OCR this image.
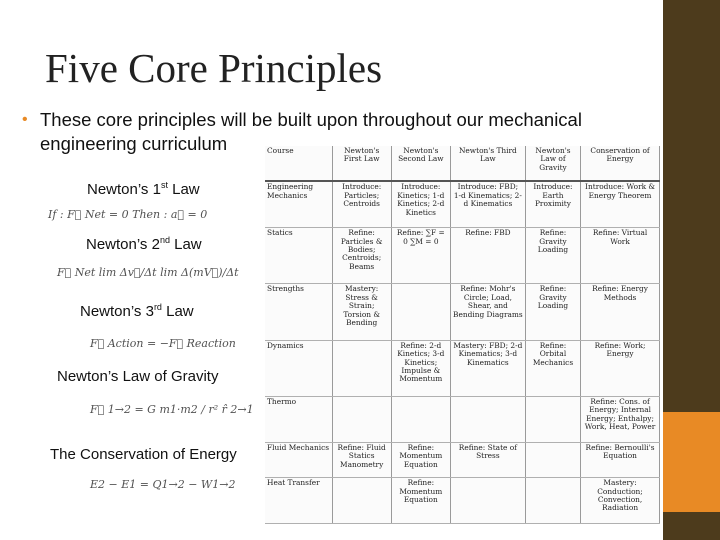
Five Core Principles
• These core principles will be built upon throughout our mechanical engineering curriculum
Newton’s 1st Law
If : F⃗ Net = 0 Then : a⃗ = 0
Newton’s 2nd Law
F⃗ Net lim Δv⃗/Δt lim Δ(mV⃗)/Δt
Newton’s 3rd Law
F⃗ Action = −F⃗ Reaction
Newton’s Law of Gravity
F⃗ 1→2 = G m1·m2 / r² r̂ 2→1
The Conservation of Energy
E2 − E1 = Q1→2 − W1→2
Course	Newton's First Law	Newton's Second Law	Newton's Third Law	Newton's Law of Gravity	Conservation of Energy
Engineering Mechanics	Introduce: Particles; Centroids	Introduce: Kinetics; 1-d Kinetics; 2-d Kinetics	Introduce: FBD; 1-d Kinematics; 2-d Kinematics	Introduce: Earth Proximity	Introduce: Work & Energy Theorem
Statics	Refine: Particles & Bodies; Centroids; Beams	Refine: ∑F = 0 ∑M = 0	Refine: FBD	Refine: Gravity Loading	Refine: Virtual Work
Strengths	Mastery: Stress & Strain; Torsion & Bending		Refine: Mohr's Circle; Load, Shear, and Bending Diagrams	Refine: Gravity Loading	Refine: Energy Methods
Dynamics		Refine: 2-d Kinetics; 3-d Kinetics; Impulse & Momentum	Mastery: FBD; 2-d Kinematics; 3-d Kinematics	Refine: Orbital Mechanics	Refine: Work; Energy
Thermo					Refine: Cons. of Energy; Internal Energy; Enthalpy; Work, Heat, Power
Fluid Mechanics	Refine: Fluid Statics Manometry	Refine: Momentum Equation	Refine: State of Stress		Refine: Bernoulli's Equation
Heat Transfer		Refine: Momentum Equation			Mastery: Conduction; Convection, Radiation
